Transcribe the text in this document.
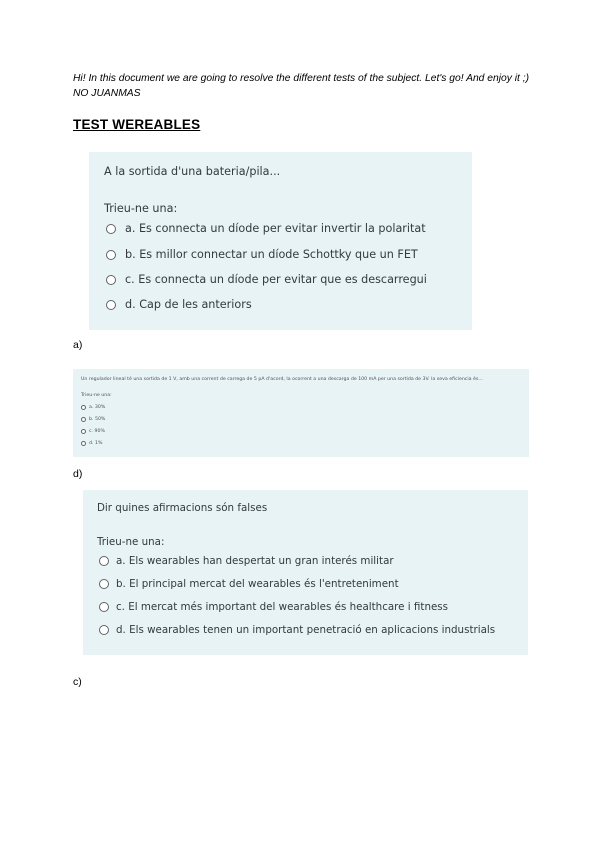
Hi! In this document we are going to resolve the different tests of the subject. Let's go! And enjoy it ;) NO JUANMAS
TEST WEREABLES
A la sortida d'una bateria/pila...
Trieu-ne una:
a. Es connecta un díode per evitar invertir la polaritat
b. Es millor connectar un díode Schottky que un FET
c. Es connecta un díode per evitar que es descarregui
d. Cap de les anteriors
a)
Un regulador lineal té una sortida de 1 V, amb una corrent de carrega de 5 pA d'acord, la ocorrent a una descarga de 100 mA per una sortida de 3V. la seva eficiencia és...
Trieu-ne una:
a. 30%
b. 50%
c. 90%
d. 1%
d)
Dir quines afirmacions són falses
Trieu-ne una:
a. Els wearables han despertat un gran interés militar
b. El principal mercat del wearables és l'entreteniment
c. El mercat més important del wearables és healthcare i fitness
d. Els wearables tenen un important penetració en aplicacions industrials
c)
